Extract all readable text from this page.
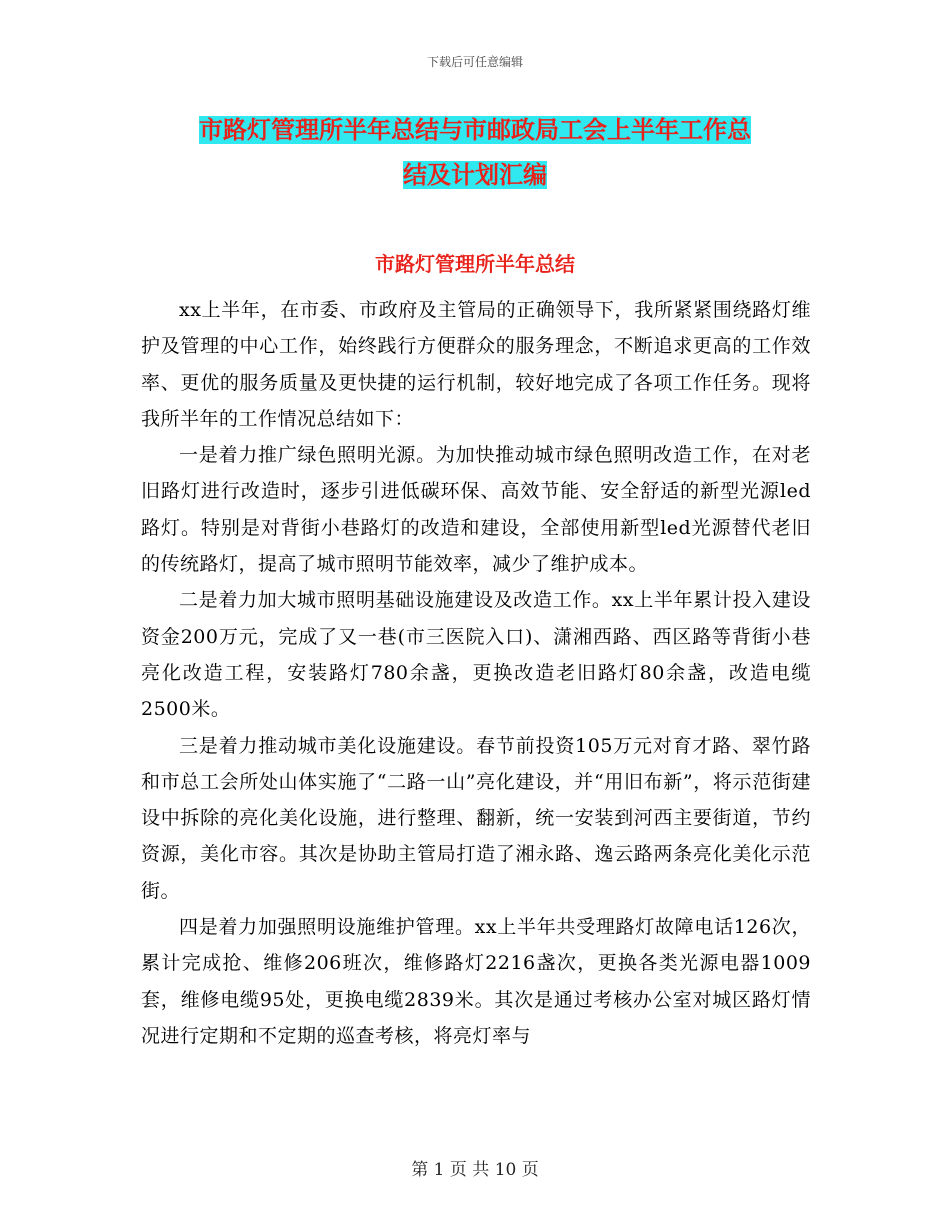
下载后可任意编辑
市路灯管理所半年总结与市邮政局工会上半年工作总
结及计划汇编
市路灯管理所半年总结

xx上半年，在市委、市政府及主管局的正确领导下，我所紧紧围绕路灯维护及管理的中心工作，始终践行方便群众的服务理念，不断追求更高的工作效率、更优的服务质量及更快捷的运行机制，较好地完成了各项工作任务。现将我所半年的工作情况总结如下：

一是着力推广绿色照明光源。为加快推动城市绿色照明改造工作，在对老旧路灯进行改造时，逐步引进低碳环保、高效节能、安全舒适的新型光源led路灯。特别是对背街小巷路灯的改造和建设，全部使用新型led光源替代老旧的传统路灯，提高了城市照明节能效率，减少了维护成本。

二是着力加大城市照明基础设施建设及改造工作。xx上半年累计投入建设资金200万元，完成了又一巷(市三医院入口)、潇湘西路、西区路等背街小巷亮化改造工程，安装路灯780余盏，更换改造老旧路灯80余盏，改造电缆2500米。

三是着力推动城市美化设施建设。春节前投资105万元对育才路、翠竹路和市总工会所处山体实施了“二路一山”亮化建设，并“用旧布新”，将示范街建设中拆除的亮化美化设施，进行整理、翻新，统一安装到河西主要街道，节约资源，美化市容。其次是协助主管局打造了湘永路、逸云路两条亮化美化示范街。

四是着力加强照明设施维护管理。xx上半年共受理路灯故障电话126次，累计完成抢、维修206班次，维修路灯2216盏次，更换各类光源电器1009套，维修电缆95处，更换电缆2839米。其次是通过考核办公室对城区路灯情况进行定期和不定期的巡查考核，将亮灯率与

第 1 页 共 10 页
